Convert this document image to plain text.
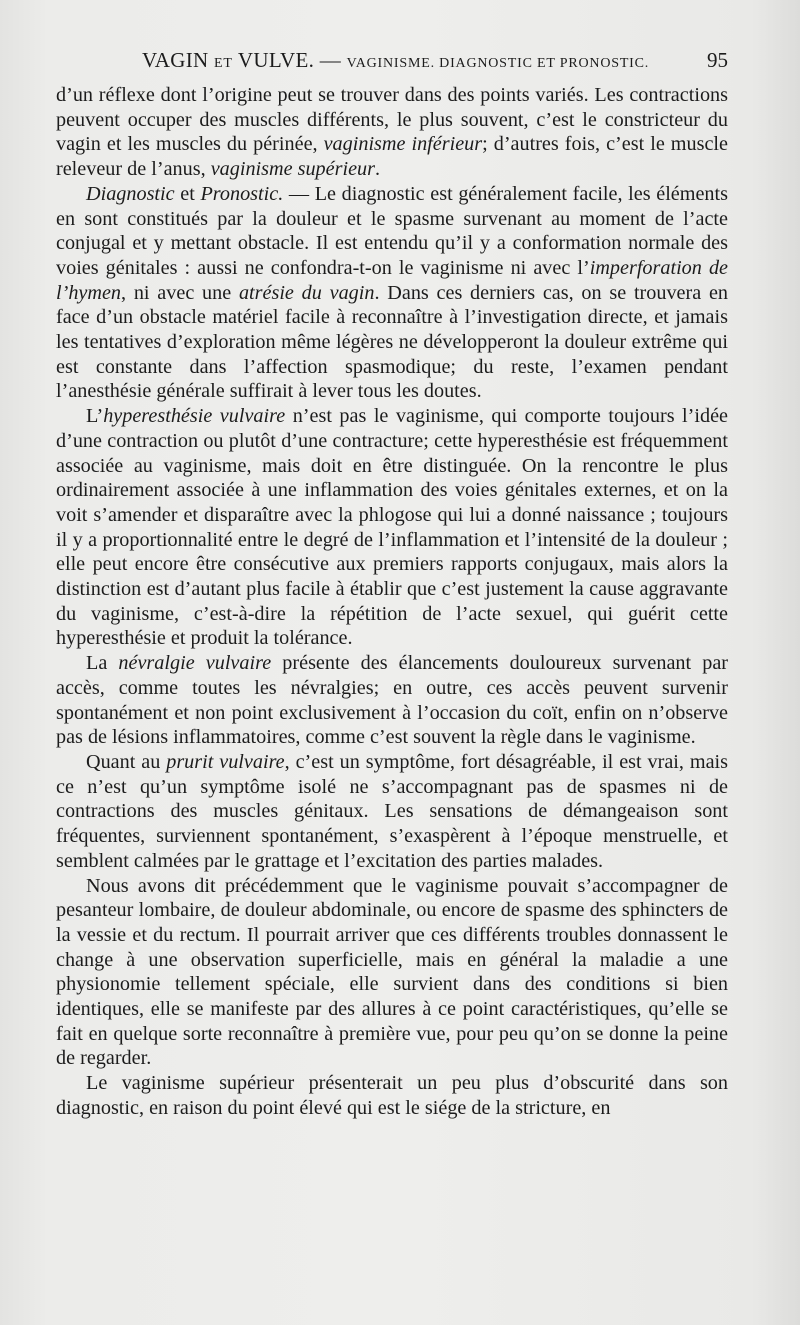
VAGIN ET VULVE. — VAGINISME. DIAGNOSTIC ET PRONOSTIC.	95

d’un réflexe dont l’origine peut se trouver dans des points variés. Les contractions peuvent occuper des muscles différents, le plus souvent, c’est le constricteur du vagin et les muscles du périnée, vaginisme inférieur; d’autres fois, c’est le muscle releveur de l’anus, vaginisme supérieur.

Diagnostic et Pronostic. — Le diagnostic est généralement facile, les éléments en sont constitués par la douleur et le spasme survenant au moment de l’acte conjugal et y mettant obstacle. Il est entendu qu’il y a conformation normale des voies génitales : aussi ne confondra-t-on le vaginisme ni avec l’imperforation de l’hymen, ni avec une atrésie du vagin. Dans ces derniers cas, on se trouvera en face d’un obstacle matériel facile à reconnaître à l’investigation directe, et jamais les tentatives d’exploration même légères ne développeront la douleur extrême qui est constante dans l’affection spasmodique; du reste, l’examen pendant l’anesthésie générale suffirait à lever tous les doutes.

L’hyperesthésie vulvaire n’est pas le vaginisme, qui comporte toujours l’idée d’une contraction ou plutôt d’une contracture; cette hyperesthésie est fréquemment associée au vaginisme, mais doit en être distinguée. On la rencontre le plus ordinairement associée à une inflammation des voies génitales externes, et on la voit s’amender et disparaître avec la phlogose qui lui a donné naissance ; toujours il y a proportionnalité entre le degré de l’inflammation et l’intensité de la douleur ; elle peut encore être consécutive aux premiers rapports conjugaux, mais alors la distinction est d’autant plus facile à établir que c’est justement la cause aggravante du vaginisme, c’est-à-dire la répétition de l’acte sexuel, qui guérit cette hyperesthésie et produit la tolérance.

La névralgie vulvaire présente des élancements douloureux survenant par accès, comme toutes les névralgies; en outre, ces accès peuvent survenir spontanément et non point exclusivement à l’occasion du coït, enfin on n’observe pas de lésions inflammatoires, comme c’est souvent la règle dans le vaginisme.

Quant au prurit vulvaire, c’est un symptôme, fort désagréable, il est vrai, mais ce n’est qu’un symptôme isolé ne s’accompagnant pas de spasmes ni de contractions des muscles génitaux. Les sensations de démangeaison sont fréquentes, surviennent spontanément, s’exaspèrent à l’époque menstruelle, et semblent calmées par le grattage et l’excitation des parties malades.

Nous avons dit précédemment que le vaginisme pouvait s’accompagner de pesanteur lombaire, de douleur abdominale, ou encore de spasme des sphincters de la vessie et du rectum. Il pourrait arriver que ces différents troubles donnassent le change à une observation superficielle, mais en général la maladie a une physionomie tellement spéciale, elle survient dans des conditions si bien identiques, elle se manifeste par des allures à ce point caractéristiques, qu’elle se fait en quelque sorte reconnaître à première vue, pour peu qu’on se donne la peine de regarder.

Le vaginisme supérieur présenterait un peu plus d’obscurité dans son diagnostic, en raison du point élevé qui est le siége de la stricture, en
